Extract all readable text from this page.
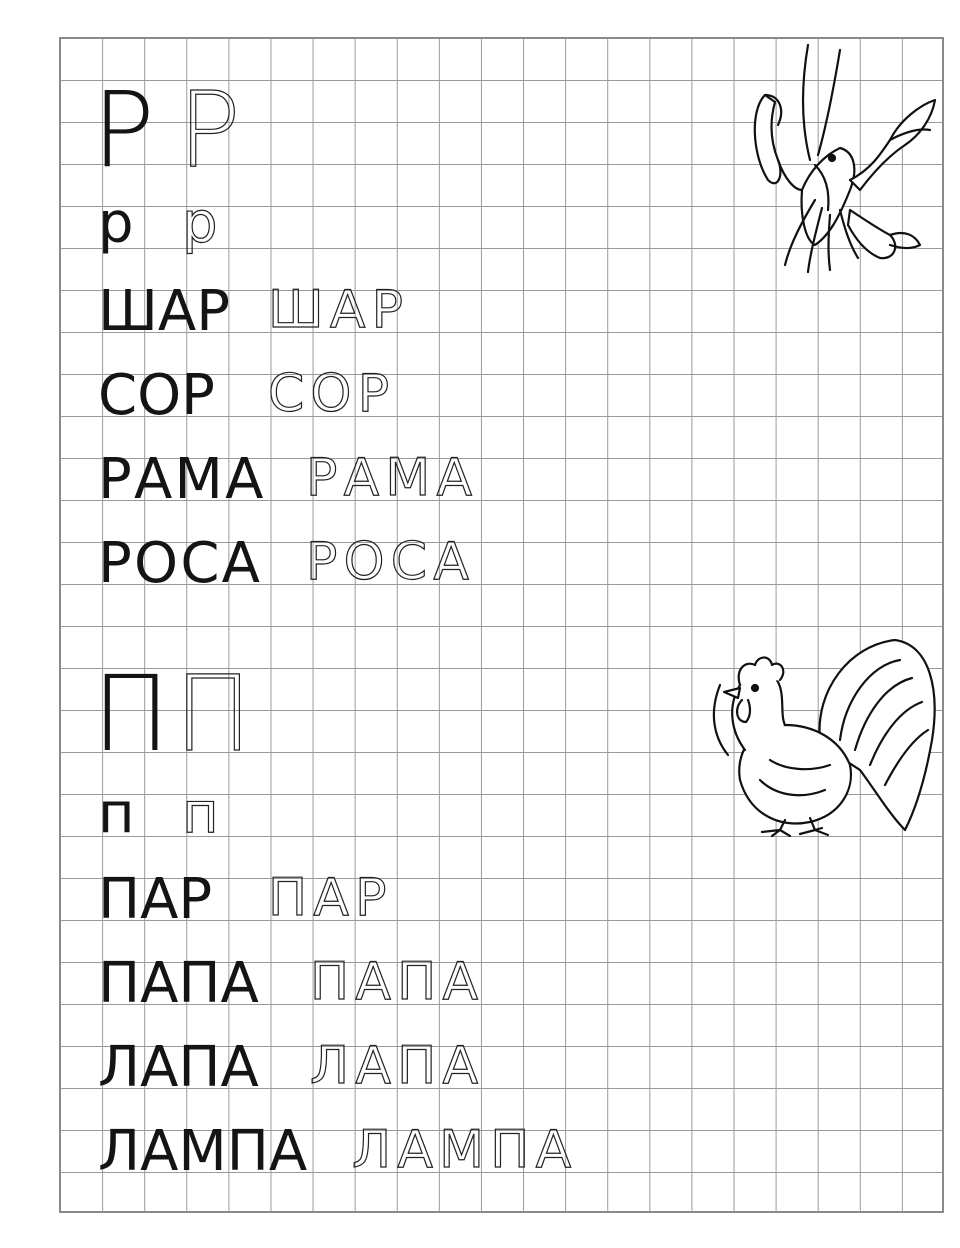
Р Р
р р
ШАР ШАР
СОР СОР
РАМА РАМА
РОСА РОСА
П П
п п
ПАР ПАР
ПАПА ПАПА
ЛАПА ЛАПА
ЛАМПА ЛАМПА
